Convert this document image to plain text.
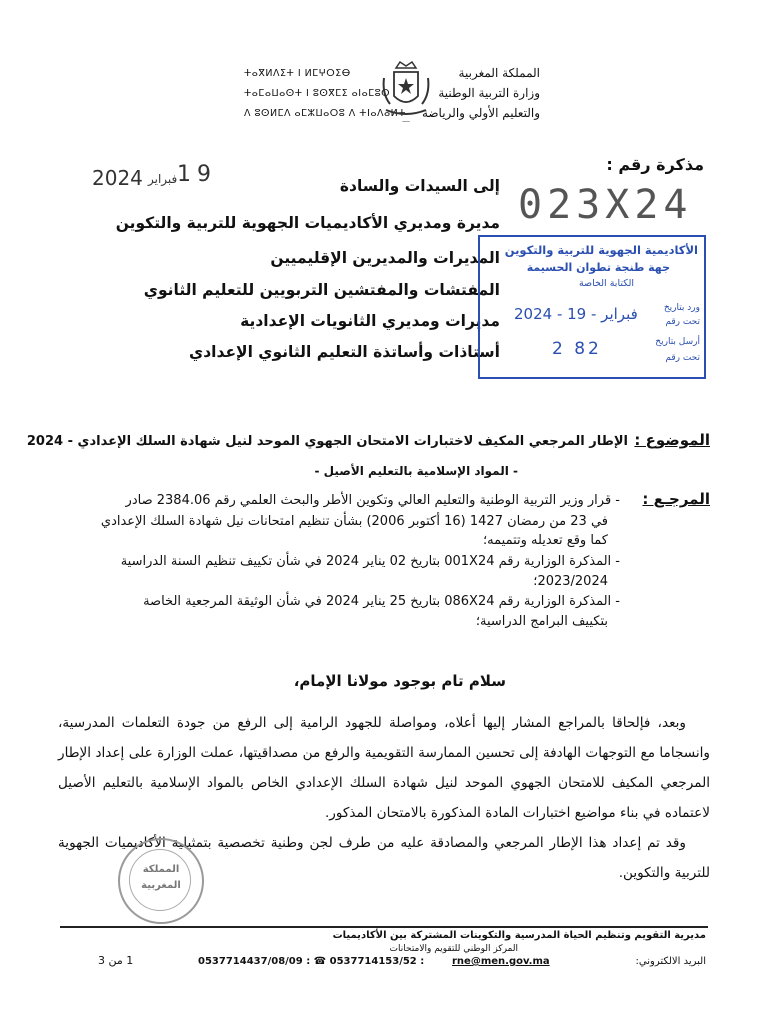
المملكة المغربية
وزارة التربية الوطنية
والتعليم الأولي والرياضة
ⵜⴰⴳⵍⴷⵉⵜ ⵏ ⵍⵎⵖⵔⵉⴱ
ⵜⴰⵎⴰⵡⴰⵙⵜ ⵏ ⵓⵙⴳⵎⵉ ⴰⵏⴰⵎⵓⵔ
ⴷ ⵓⵙⵍⵎⴷ ⴰⵎⵣⵡⴰⵔⵓ ⴷ ⵜⵏⴰⴷⴰⵍⵜ
ـــــ
مذكرة رقم :
023X24
2024 فبراير 19	إلى السيدات والسادة
مديرة ومديري الأكاديميات الجهوية للتربية والتكوين
المديرات والمديرين الإقليميين
المفتشات والمفتشين التربويين للتعليم الثانوي
مديرات ومديري الثانويات الإعدادية
أستاذات وأساتذة التعليم الثانوي الإعدادي
الأكاديمية الجهوية للتربية والتكوين
جهة طنجة تطوان الحسيمة
الكتابة الخاصة
ورد بتاريخ
تحت رقم
أرسل بتاريخ
تحت رقم
2024 - فبراير - 19
2 82
الموضوع :
الإطار المرجعي المكيف لاختبارات الامتحان الجهوي الموحد لنيل شهادة السلك الإعدادي - 2024
- المواد الإسلامية بالتعليم الأصيل -
المرجـع :
- قرار وزير التربية الوطنية والتعليم العالي وتكوين الأطر والبحث العلمي رقم 2384.06 صادر
في 23 من رمضان 1427 (16 أكتوبر 2006) بشأن تنظيم امتحانات نيل شهادة السلك الإعدادي
كما وقع تعديله وتتميمه؛
- المذكرة الوزارية رقم 001X24 بتاريخ 02 يناير 2024 في شأن تكييف تنظيم السنة الدراسية
2023/2024؛
- المذكرة الوزارية رقم 086X24 بتاريخ 25 يناير 2024 في شأن الوثيقة المرجعية الخاصة
بتكييف البرامج الدراسية؛
سلام تام بوجود مولانا الإمام،
وبعد، فإلحاقا بالمراجع المشار إليها أعلاه، ومواصلة للجهود الرامية إلى الرفع من جودة التعلمات المدرسية، وانسجاما مع التوجهات الهادفة إلى تحسين الممارسة التقويمية والرفع من مصداقيتها، عملت الوزارة على إعداد الإطار المرجعي المكيف للامتحان الجهوي الموحد لنيل شهادة السلك الإعدادي الخاص بالمواد الإسلامية بالتعليم الأصيل لاعتماده في بناء مواضيع اختبارات المادة المذكورة بالامتحان المذكور.
وقد تم إعداد هذا الإطار المرجعي والمصادقة عليه من طرف لجن وطنية تخصصية بتمثيلية الأكاديميات الجهوية للتربية والتكوين.
المملكة
المغربية
مديرية التقويم وتنظيم الحياة المدرسية والتكوينات المشتركة بين الأكاديميات
المركز الوطني للتقويم والامتحانات
البريد الالكتروني:
rne@men.gov.ma
0537714437/08/09 : ☎ 0537714153/52 :
1 من 3
